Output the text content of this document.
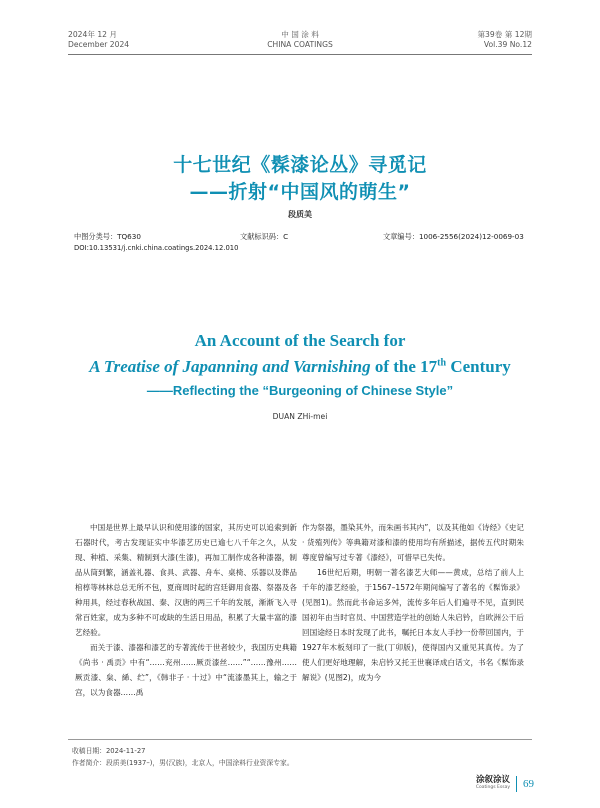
2024年 12 月
December 2024
中 国 涂 料
CHINA COATINGS
第39卷 第 12期
Vol.39 No.12
十七世纪《髹漆论丛》寻觅记
——折射“中国风的萌生”
段质美
中图分类号：TQ630	文献标识码：C	文章编号：1006-2556(2024)12-0069-03
DOI:10.13531/j.cnki.china.coatings.2024.12.010
An Account of the Search for
A Treatise of Japanning and Varnishing of the 17th Century
——Reflecting the “Burgeoning of Chinese Style”
DUAN ZHi-mei

中国是世界上最早认识和使用漆的国家，其历史可以追索到新石器时代，考古发现证实中华漆艺历史已逾七八千年之久，从发现、种植、采集、精制到大漆(生漆)，再加工制作成各种漆器，制品从筒到繁，涵盖礼器、食具、武器、舟车、桌椅、乐器以及葬品棺椁等林林总总无所不包，夏商周时起的宫廷御用食器、祭器及各种用具，经过春秋战国、秦、汉唐的两三千年的发展，渐渐飞入寻常百姓家，成为多种不可或缺的生活日用品，积累了大量丰富的漆艺经验。

而关于漆、漆器和漆艺的专著流传于世者较少，我国历史典籍《尚书 · 禹贡》中有“……兖州……厥贡漆丝……”“……豫州……厥贡漆、枲、絺、纻”，《韩非子 · 十过》中“流漆墨其上，输之于宫，以为食器……禹

作为祭器，墨染其外，而朱画书其内”，以及其他如《诗经》《史记 · 货殖列传》等典籍对漆和漆的使用均有所描述，据传五代时期朱尊度曾编写过专著《漆经》，可惜早已失传。

16世纪后期，明朝一著名漆艺大师——黄成，总结了前人上千年的漆艺经验，于1567–1572年期间编写了著名的《髹饰录》(见图1)。然而此书命运多舛，流传多年后人们遍寻不见，直到民国初年由当时官员、中国营造学社的创始人朱启钤，自欧洲公干后回国途经日本时发现了此书，嘱托日本友人手抄一份带回国内，于1927年木板刻印了一批(丁卯版)，使得国内又重见其真传。为了使人们更好地理解，朱启钤又托王世襄译成白话文，书名《髹饰录解说》(见图2)，成为今

收稿日期：2024-11-27
作者简介：段质美(1937–)，男(汉族)，北京人，中国涂料行业资深专家。
涂叙涂议
Coatings Essay 69
